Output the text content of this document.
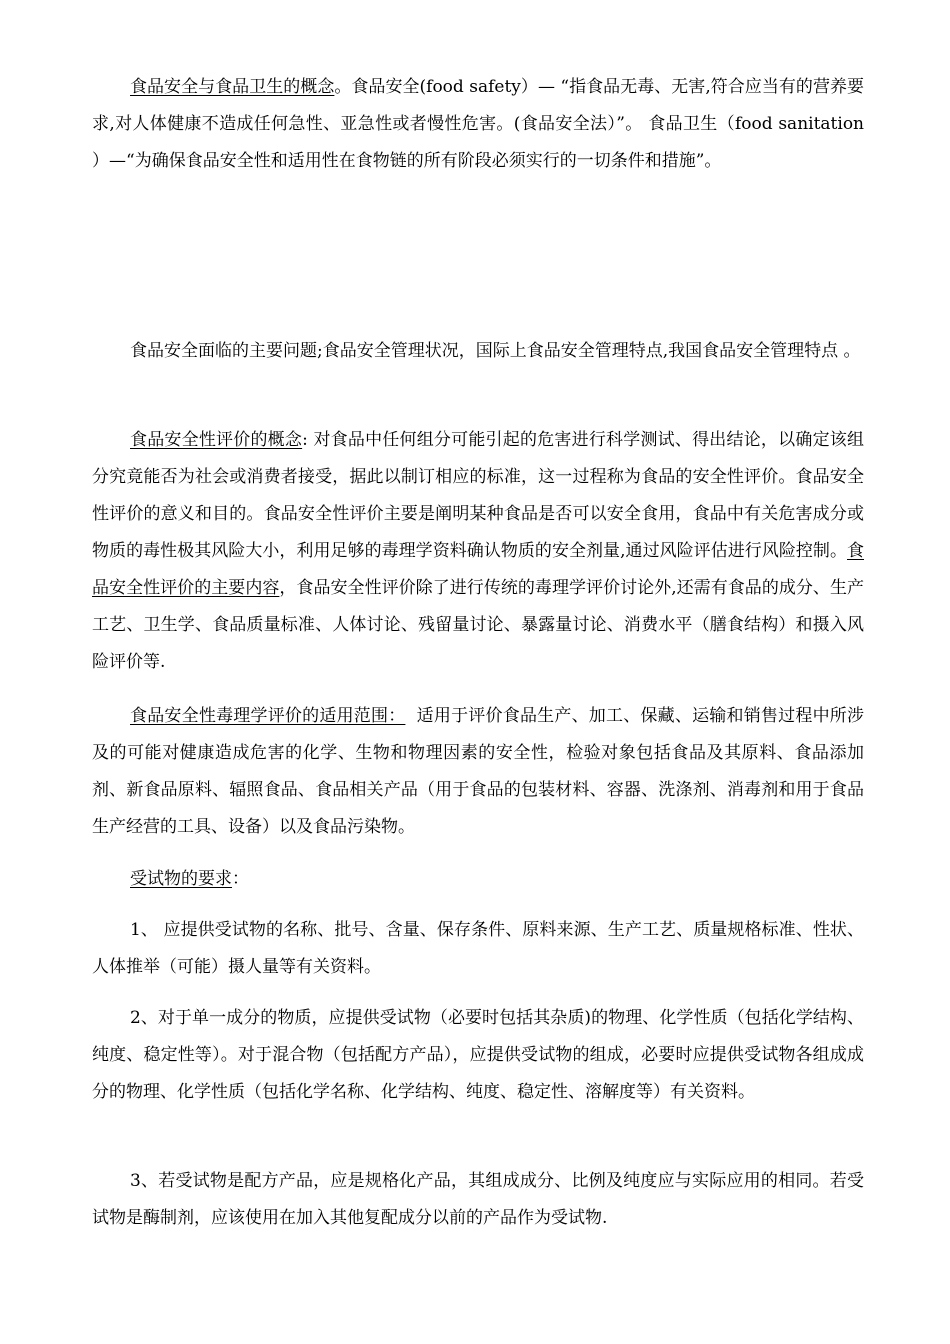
食品安全与食品卫生的概念。食品安全(food safety）— “指食品无毒、无害,符合应当有的营养要求,对人体健康不造成任何急性、亚急性或者慢性危害。(食品安全法）”。 食品卫生（food sanitation ）—“为确保食品安全性和适用性在食物链的所有阶段必须实行的一切条件和措施”。

食品安全面临的主要问题;食品安全管理状况，国际上食品安全管理特点,我国食品安全管理特点 。

食品安全性评价的概念: 对食品中任何组分可能引起的危害进行科学测试、得出结论，以确定该组分究竟能否为社会或消费者接受，据此以制订相应的标准，这一过程称为食品的安全性评价。食品安全性评价的意义和目的。食品安全性评价主要是阐明某种食品是否可以安全食用，食品中有关危害成分或物质的毒性极其风险大小，利用足够的毒理学资料确认物质的安全剂量,通过风险评估进行风险控制。食品安全性评价的主要内容，食品安全性评价除了进行传统的毒理学评价讨论外,还需有食品的成分、生产工艺、卫生学、食品质量标准、人体讨论、残留量讨论、暴露量讨论、消费水平（膳食结构）和摄入风险评价等.

食品安全性毒理学评价的适用范围：  适用于评价食品生产、加工、保藏、运输和销售过程中所涉及的可能对健康造成危害的化学、生物和物理因素的安全性，检验对象包括食品及其原料、食品添加剂、新食品原料、辐照食品、食品相关产品（用于食品的包装材料、容器、洗涤剂、消毒剂和用于食品生产经营的工具、设备）以及食品污染物。

受试物的要求：

1、 应提供受试物的名称、批号、含量、保存条件、原料来源、生产工艺、质量规格标准、性状、人体推举（可能）摄人量等有关资料。

2、对于单一成分的物质，应提供受试物（必要时包括其杂质)的物理、化学性质（包括化学结构、纯度、稳定性等）。对于混合物（包括配方产品），应提供受试物的组成，必要时应提供受试物各组成成分的物理、化学性质（包括化学名称、化学结构、纯度、稳定性、溶解度等）有关资料。

3、若受试物是配方产品，应是规格化产品，其组成成分、比例及纯度应与实际应用的相同。若受试物是酶制剂，应该使用在加入其他复配成分以前的产品作为受试物.
